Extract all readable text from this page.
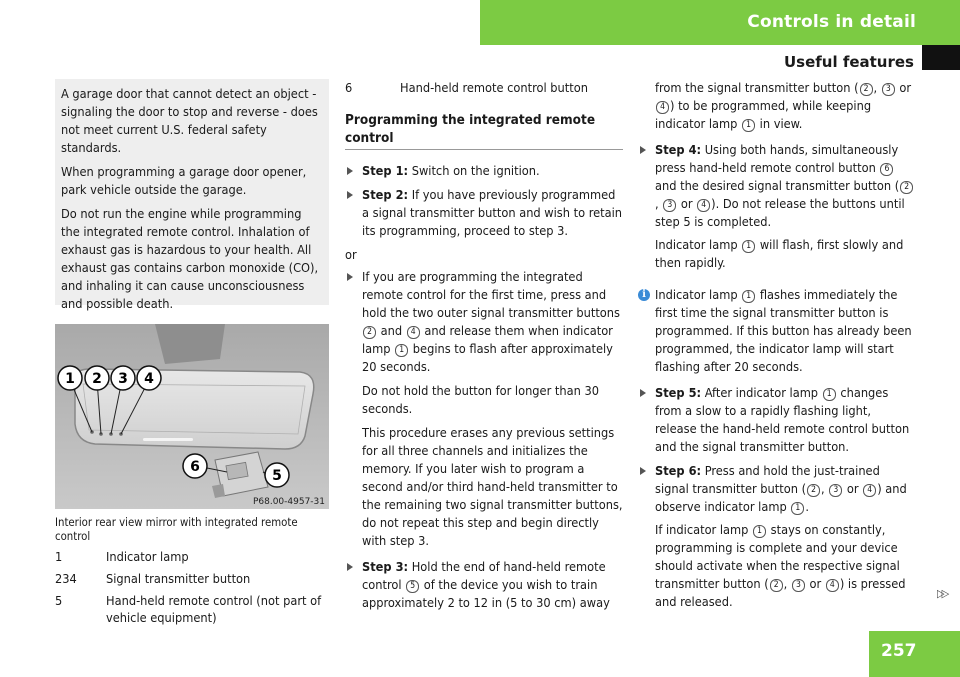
Controls in detail
Useful features

A garage door that cannot detect an object - signaling the door to stop and reverse - does not meet current U.S. federal safety standards.

When programming a garage door opener, park vehicle outside the garage.

Do not run the engine while programming the integrated remote control. Inhalation of exhaust gas is hazardous to your health. All exhaust gas contains carbon monoxide (CO), and inhaling it can cause unconsciousness and possible death.

1 2 3 4
6
5
P68.00-4957-31
Interior rear view mirror with integrated remote control
1	Indicator lamp
234 Signal transmitter button
5	Hand-held remote control (not part of vehicle equipment)
6	Hand-held remote control button
Programming the integrated remote control
Step 1: Switch on the ignition.
Step 2: If you have previously programmed a signal transmitter button and wish to retain its programming, proceed to step 3.
or
If you are programming the integrated remote control for the first time, press and hold the two outer signal transmitter buttons 2 and 4 and release them when indicator lamp 1 begins to flash after approximately 20 seconds.
Do not hold the button for longer than 30 seconds.
This procedure erases any previous settings for all three channels and initializes the memory. If you later wish to program a second and/or third hand-held transmitter to the remaining two signal transmitter buttons, do not repeat this step and begin directly with step 3.
Step 3: Hold the end of hand-held remote control 5 of the device you wish to train approximately 2 to 12 in (5 to 30 cm) away
from the signal transmitter button ( 2 , 3 or 4 ) to be programmed, while keeping indicator lamp 1 in view.
Step 4: Using both hands, simultaneously press hand-held remote control button 6 and the desired signal transmitter button ( 2, 3 or 4 ). Do not release the buttons until step 5 is completed.
Indicator lamp 1 will flash, first slowly and then rapidly.
i Indicator lamp 1 flashes immediately the first time the signal transmitter button is programmed. If this button has already been programmed, the indicator lamp will start flashing after 20 seconds.
Step 5: After indicator lamp 1 changes from a slow to a rapidly flashing light, release the hand-held remote control button and the signal transmitter button.
Step 6: Press and hold the just-trained signal transmitter button ( 2 , 3 or 4 ) and observe indicator lamp 1 .
If indicator lamp 1 stays on constantly, programming is complete and your device should activate when the respective signal transmitter button ( 2 , 3 or 4 ) is pressed and released.
▷▷
257
